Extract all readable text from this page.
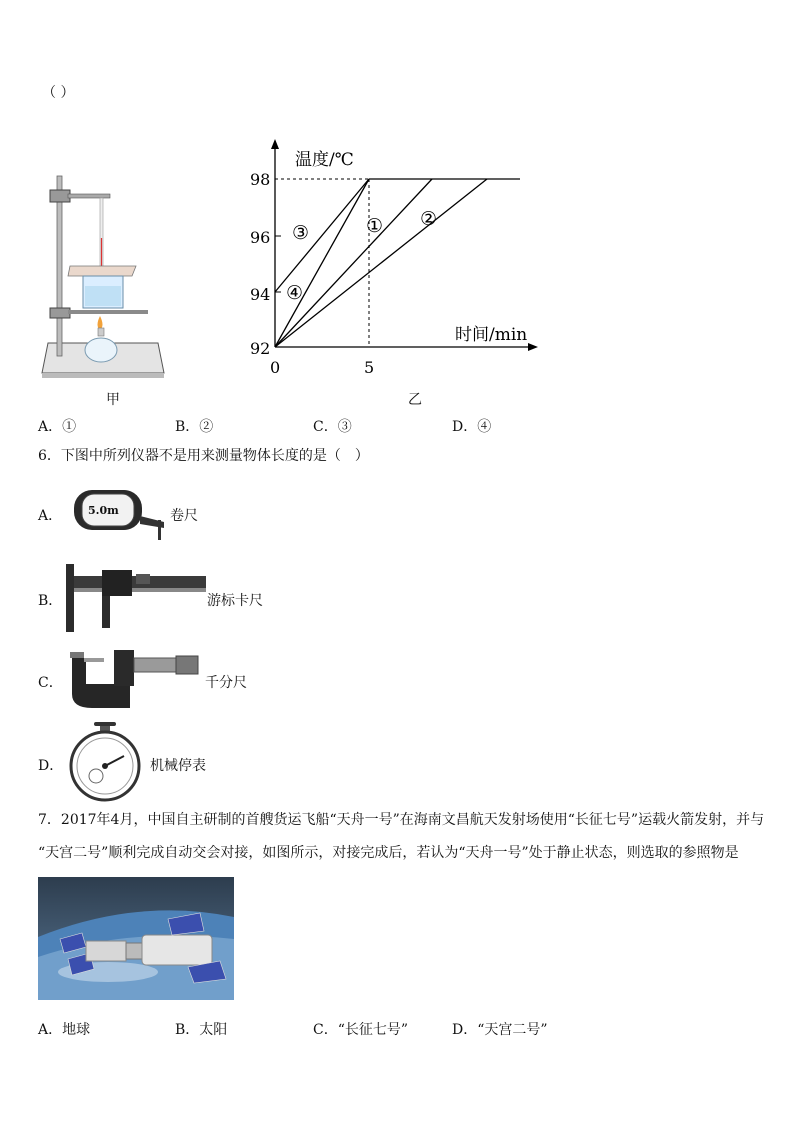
（ ）
甲
温度/℃
时间/min
98
96
94
92
0	5
③
④
① ②
乙
A．①	B．②	C．③	D．④
6．下图中所列仪器不是用来测量物体长度的是（　）
A． 5.0m	卷尺
B．	游标卡尺
C．	千分尺
D．	机械停表
7．2017年4月，中国自主研制的首艘货运飞船“天舟一号”在海南文昌航天发射场使用“长征七号”运载火箭发射，并与
“天宫二号”顺利完成自动交会对接，如图所示，对接完成后，若认为“天舟一号”处于静止状态，则选取的参照物是
A．地球	B．太阳	C．“长征七号”	D．“天宫二号”
